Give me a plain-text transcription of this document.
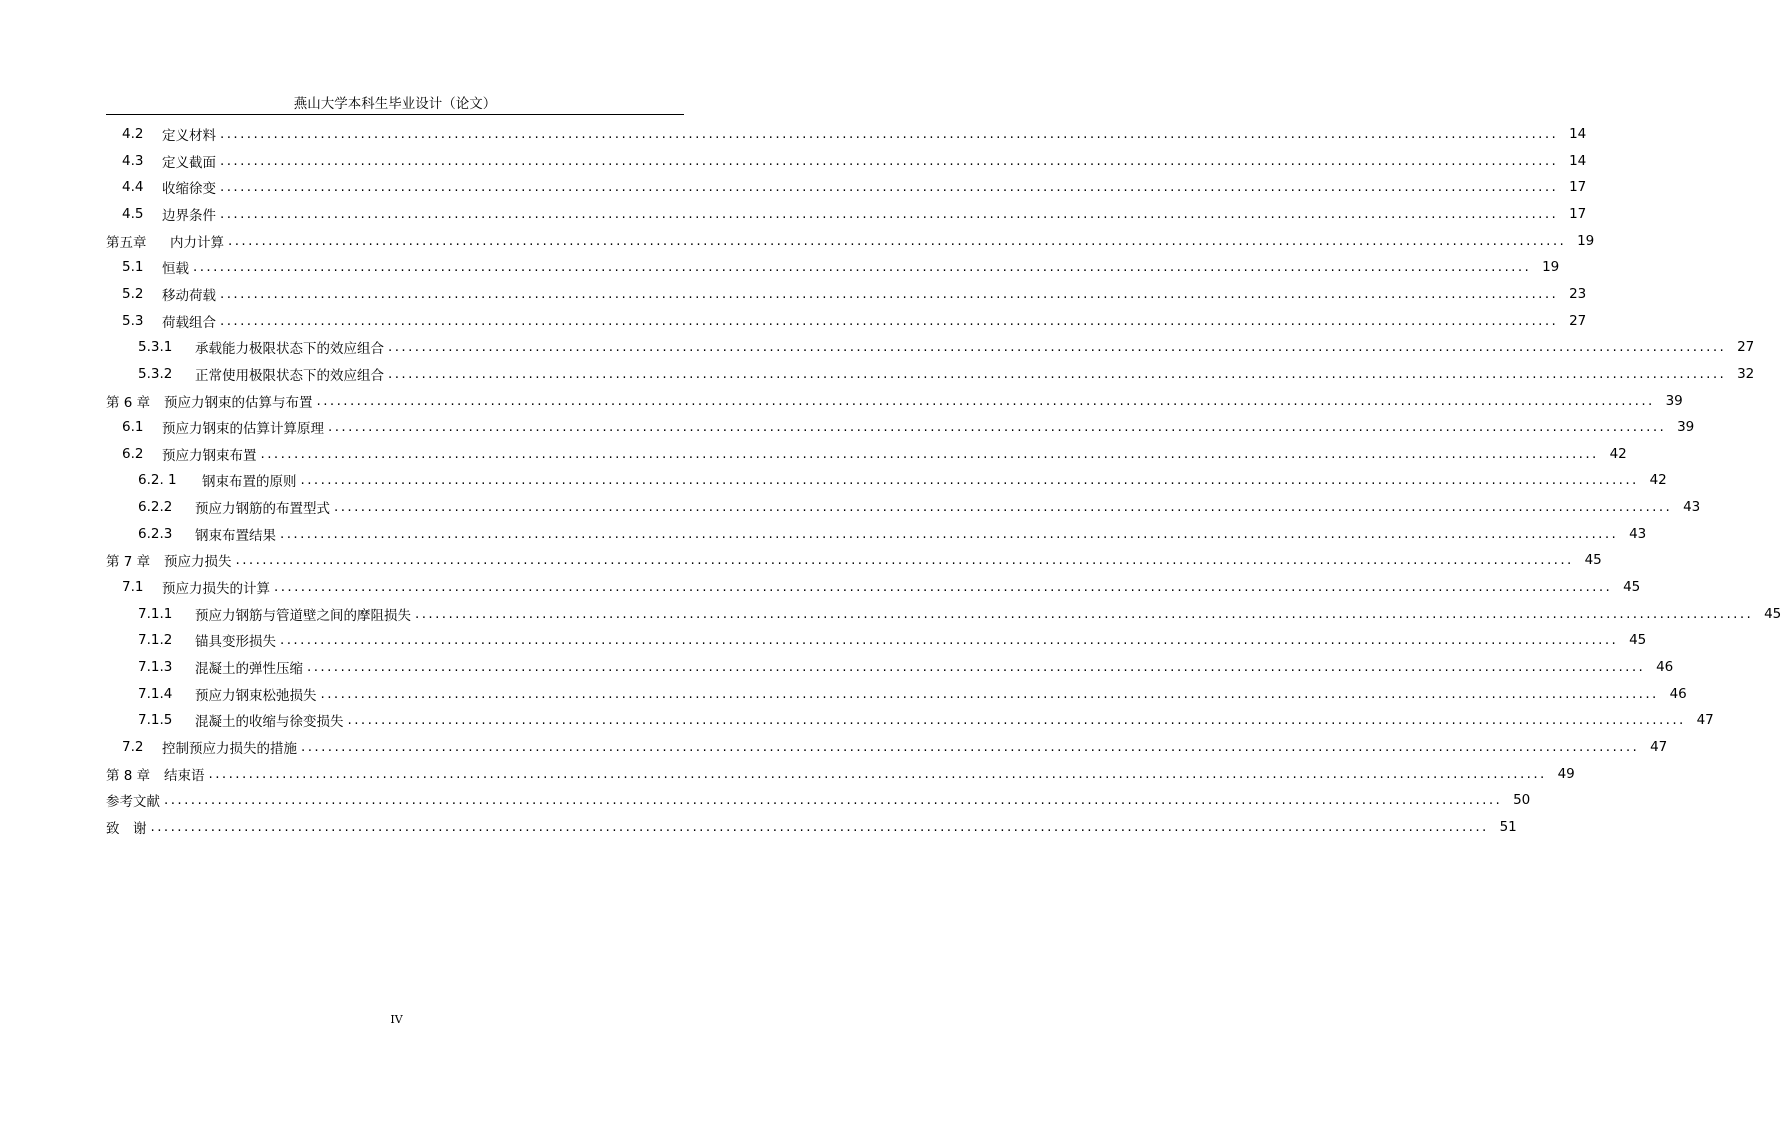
燕山大学本科生毕业设计（论文）
4.2	定义材料 ........................................................................................................................................................................................................ 14
4.3	定义截面 ........................................................................................................................................................................................................ 14
4.4	收缩徐变 ........................................................................................................................................................................................................ 17
4.5	边界条件 ........................................................................................................................................................................................................ 17
第五章	内力计算 ........................................................................................................................................................................................................ 19
5.1	恒载 ........................................................................................................................................................................................................ 19
5.2	移动荷载 ........................................................................................................................................................................................................ 23
5.3	荷载组合 ........................................................................................................................................................................................................ 27
5.3.1	承载能力极限状态下的效应组合 ........................................................................................................................................................................................................ 27
5.3.2	正常使用极限状态下的效应组合 ........................................................................................................................................................................................................ 32
第 6 章 预应力钢束的估算与布置 ........................................................................................................................................................................................................ 39
6.1	预应力钢束的估算计算原理 ........................................................................................................................................................................................................ 39
6.2	预应力钢束布置 ........................................................................................................................................................................................................ 42
6.2. 1	钢束布置的原则 ........................................................................................................................................................................................................ 42
6.2.2	预应力钢筋的布置型式 ........................................................................................................................................................................................................ 43
6.2.3	钢束布置结果 ........................................................................................................................................................................................................ 43
第 7 章 预应力损失 ........................................................................................................................................................................................................ 45
7.1	预应力损失的计算 ........................................................................................................................................................................................................ 45
7.1.1	预应力钢筋与管道壁之间的摩阻损失 ........................................................................................................................................................................................................ 45
7.1.2	锚具变形损失 ........................................................................................................................................................................................................ 45
7.1.3	混凝土的弹性压缩 ........................................................................................................................................................................................................ 46
7.1.4	预应力钢束松弛损失 ........................................................................................................................................................................................................ 46
7.1.5	混凝土的收缩与徐变损失 ........................................................................................................................................................................................................ 47
7.2	控制预应力损失的措施 ........................................................................................................................................................................................................ 47
第 8 章 结束语 ........................................................................................................................................................................................................ 49
参考文献 ........................................................................................................................................................................................................ 50
致　谢 ........................................................................................................................................................................................................ 51
IV
